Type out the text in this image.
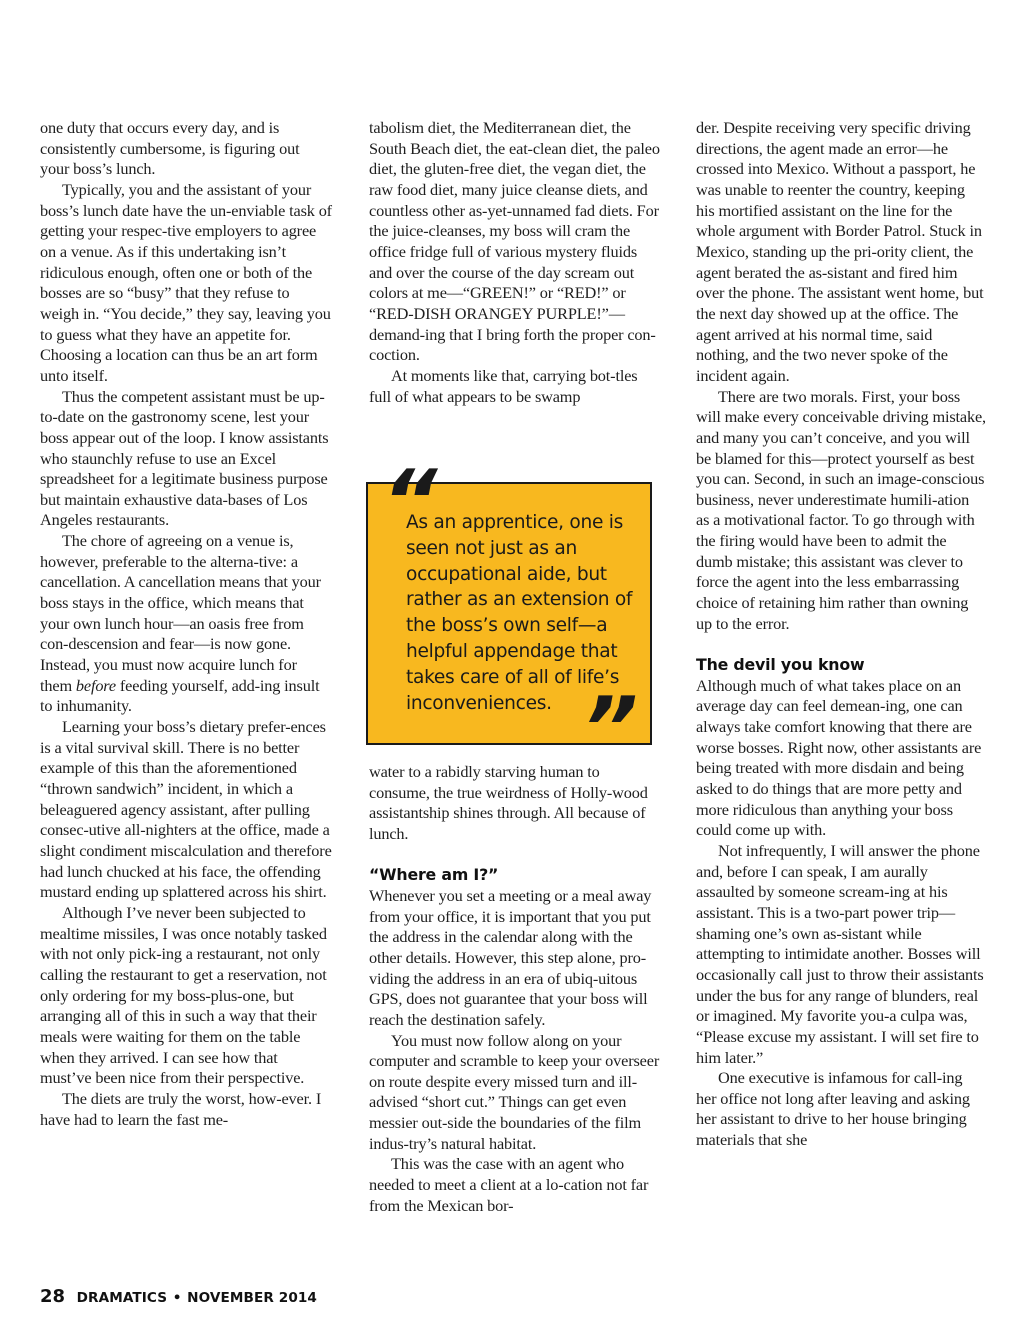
one duty that occurs every day, and is consistently cumbersome, is figuring out your boss’s lunch.

Typically, you and the assistant of your boss’s lunch date have the un-enviable task of getting your respec-tive employers to agree on a venue. As if this undertaking isn’t ridiculous enough, often one or both of the bosses are so “busy” that they refuse to weigh in. “You decide,” they say, leaving you to guess what they have an appetite for. Choosing a location can thus be an art form unto itself.

Thus the competent assistant must be up-to-date on the gastronomy scene, lest your boss appear out of the loop. I know assistants who staunchly refuse to use an Excel spreadsheet for a legitimate business purpose but maintain exhaustive data-bases of Los Angeles restaurants.

The chore of agreeing on a venue is, however, preferable to the alterna-tive: a cancellation. A cancellation means that your boss stays in the office, which means that your own lunch hour—an oasis free from con-descension and fear—is now gone. Instead, you must now acquire lunch for them before feeding yourself, add-ing insult to inhumanity.

Learning your boss’s dietary prefer-ences is a vital survival skill. There is no better example of this than the aforementioned “thrown sandwich” incident, in which a beleaguered agency assistant, after pulling consec-utive all-nighters at the office, made a slight condiment miscalculation and therefore had lunch chucked at his face, the offending mustard ending up splattered across his shirt.

Although I’ve never been subjected to mealtime missiles, I was once notably tasked with not only pick-ing a restaurant, not only calling the restaurant to get a reservation, not only ordering for my boss-plus-one, but arranging all of this in such a way that their meals were waiting for them on the table when they arrived. I can see how that must’ve been nice from their perspective.

The diets are truly the worst, how-ever. I have had to learn the fast me-

tabolism diet, the Mediterranean diet, the South Beach diet, the eat-clean diet, the paleo diet, the gluten-free diet, the vegan diet, the raw food diet, many juice cleanse diets, and countless other as-yet-unnamed fad diets. For the juice-cleanses, my boss will cram the office fridge full of various mystery fluids and over the course of the day scream out colors at me—“GREEN!” or “RED!” or “RED-DISH ORANGEY PURPLE!”—demand-ing that I bring forth the proper con-coction.

At moments like that, carrying bot-tles full of what appears to be swamp

“
As an apprentice, one is seen not just as an occupational aide, but rather as an extension of the boss’s own self—a helpful appendage that takes care of all of life’s inconveniences. ”

water to a rabidly starving human to consume, the true weirdness of Holly-wood assistantship shines through. All because of lunch.

“Where am I?”

Whenever you set a meeting or a meal away from your office, it is important that you put the address in the calendar along with the other details. However, this step alone, pro-viding the address in an era of ubiq-uitous GPS, does not guarantee that your boss will reach the destination safely.

You must now follow along on your computer and scramble to keep your overseer on route despite every missed turn and ill-advised “short cut.” Things can get even messier out-side the boundaries of the film indus-try’s natural habitat.

This was the case with an agent who needed to meet a client at a lo-cation not far from the Mexican bor-

der. Despite receiving very specific driving directions, the agent made an error—he crossed into Mexico. Without a passport, he was unable to reenter the country, keeping his mortified assistant on the line for the whole argument with Border Patrol. Stuck in Mexico, standing up the pri-ority client, the agent berated the as-sistant and fired him over the phone. The assistant went home, but the next day showed up at the office. The agent arrived at his normal time, said nothing, and the two never spoke of the incident again.

There are two morals. First, your boss will make every conceivable driving mistake, and many you can’t conceive, and you will be blamed for this—protect yourself as best you can. Second, in such an image-conscious business, never underestimate humili-ation as a motivational factor. To go through with the firing would have been to admit the dumb mistake; this assistant was clever to force the agent into the less embarrassing choice of retaining him rather than owning up to the error.

The devil you know

Although much of what takes place on an average day can feel demean-ing, one can always take comfort knowing that there are worse bosses. Right now, other assistants are being treated with more disdain and being asked to do things that are more petty and more ridiculous than anything your boss could come up with.

Not infrequently, I will answer the phone and, before I can speak, I am aurally assaulted by someone scream-ing at his assistant. This is a two-part power trip—shaming one’s own as-sistant while attempting to intimidate another. Bosses will occasionally call just to throw their assistants under the bus for any range of blunders, real or imagined. My favorite you-a culpa was, “Please excuse my assistant. I will set fire to him later.”

One executive is infamous for call-ing her office not long after leaving and asking her assistant to drive to her house bringing materials that she

28 DRAMATICS • NOVEMBER 2014
